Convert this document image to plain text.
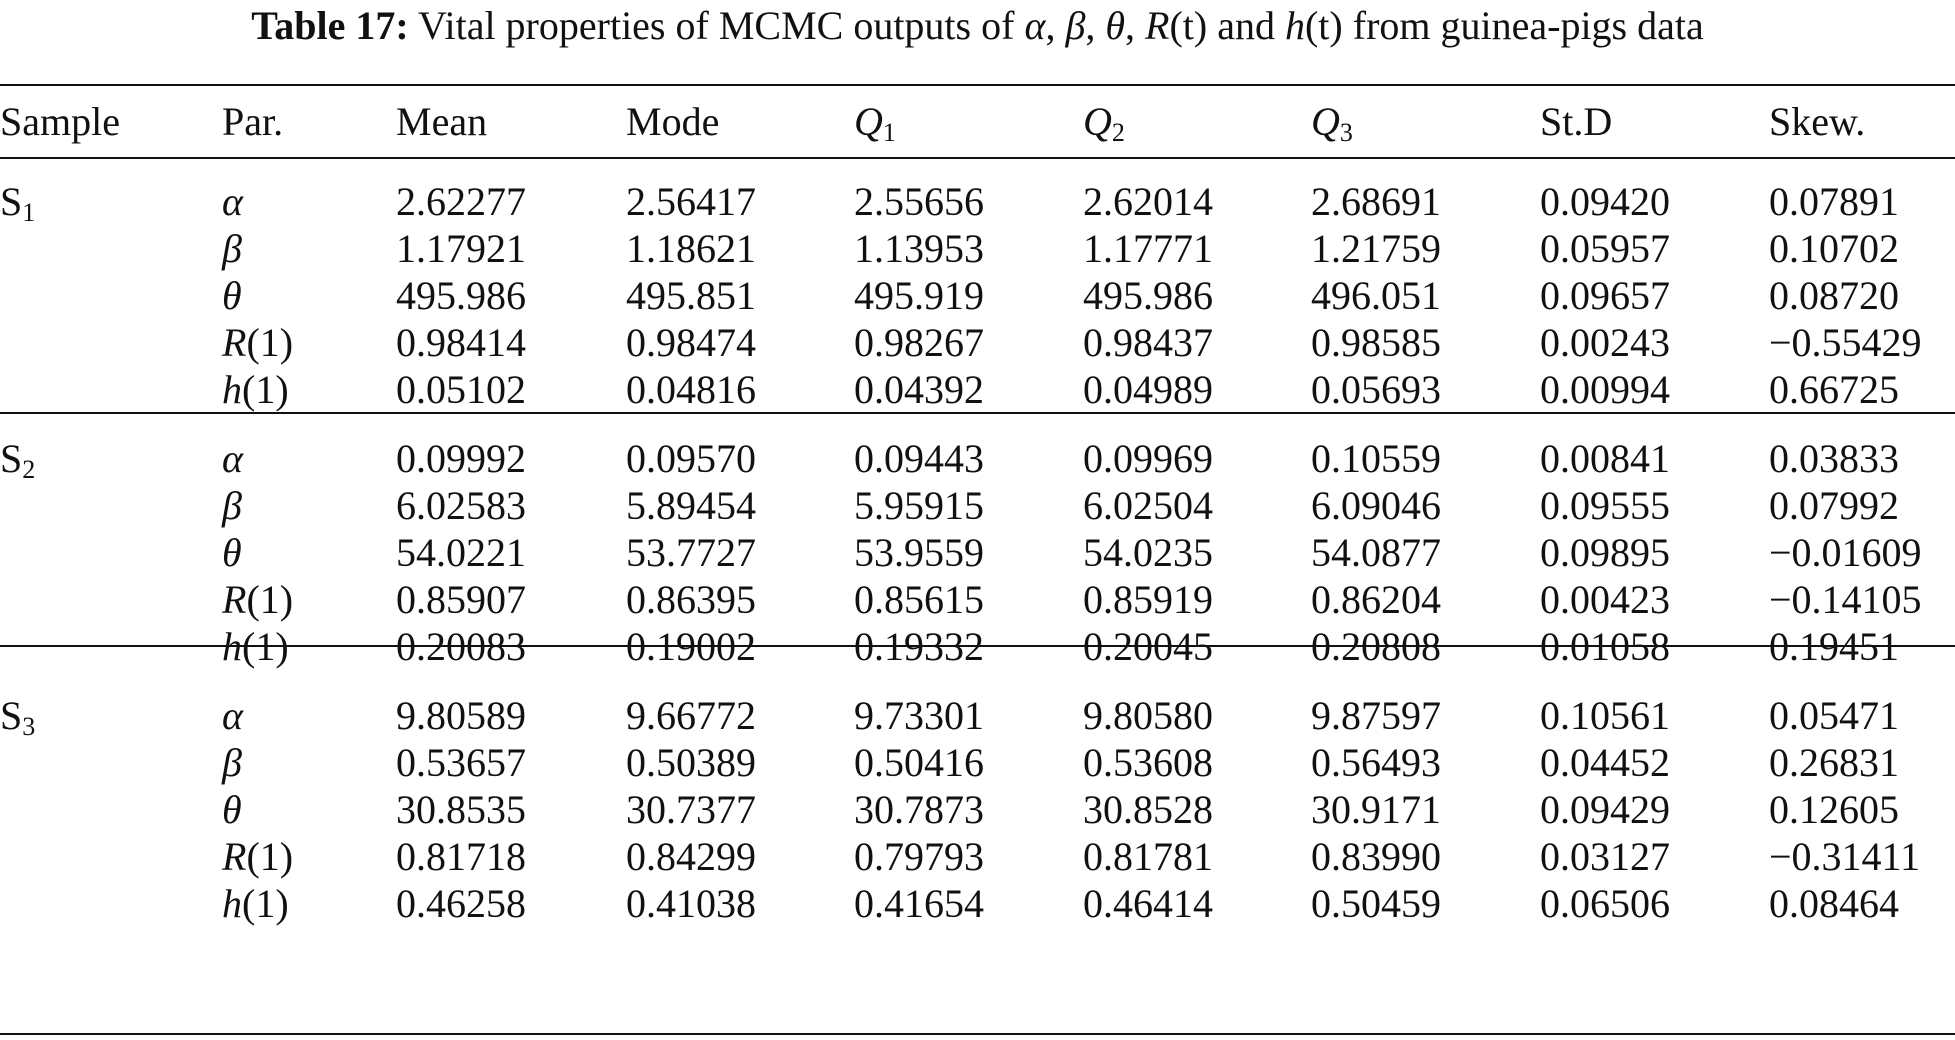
Table 17: Vital properties of MCMC outputs of α, β, θ, R(t) and h(t) from guinea-pigs data
Sample	Par.	Mean	Mode	$Q_1$	$Q_2$	$Q_3$	St.D	Skew.

$S_1$	α	2.62277	2.56417	2.55656	2.62014	2.68691	0.09420	0.07891
	β	1.17921	1.18621	1.13953	1.17771	1.21759	0.05957	0.10702
	θ	495.986	495.851	495.919	495.986	496.051	0.09657	0.08720
	R(1)	0.98414	0.98474	0.98267	0.98437	0.98585	0.00243	−0.55429
	h(1)	0.05102	0.04816	0.04392	0.04989	0.05693	0.00994	0.66725

$S_2$	α	0.09992	0.09570	0.09443	0.09969	0.10559	0.00841	0.03833
	β	6.02583	5.89454	5.95915	6.02504	6.09046	0.09555	0.07992
	θ	54.0221	53.7727	53.9559	54.0235	54.0877	0.09895	−0.01609
	R(1)	0.85907	0.86395	0.85615	0.85919	0.86204	0.00423	−0.14105
	h(1)	0.20083	0.19002	0.19332	0.20045	0.20808	0.01058	0.19451

$S_3$	α	9.80589	9.66772	9.73301	9.80580	9.87597	0.10561	0.05471
	β	0.53657	0.50389	0.50416	0.53608	0.56493	0.04452	0.26831
	θ	30.8535	30.7377	30.7873	30.8528	30.9171	0.09429	0.12605
	R(1)	0.81718	0.84299	0.79793	0.81781	0.83990	0.03127	−0.31411
	h(1)	0.46258	0.41038	0.41654	0.46414	0.50459	0.06506	0.08464
